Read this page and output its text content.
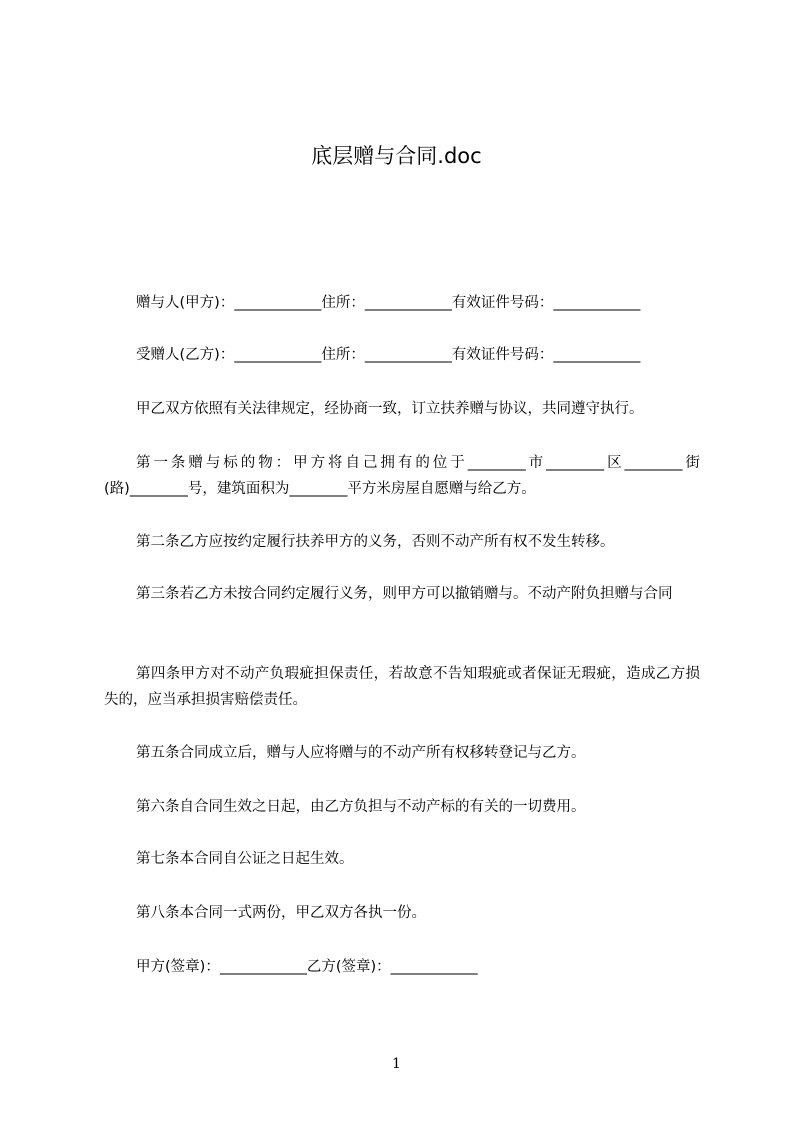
底层赠与合同.doc
赠与人(甲方)：____________住所：____________有效证件号码：____________
受赠人(乙方)：____________住所：____________有效证件号码：____________
甲乙双方依照有关法律规定，经协商一致，订立扶养赠与协议，共同遵守执行。
第一条赠与标的物：甲方将自己拥有的位于________市________区________街(路)________号，建筑面积为________平方米房屋自愿赠与给乙方。
第二条乙方应按约定履行扶养甲方的义务，否则不动产所有权不发生转移。
第三条若乙方未按合同约定履行义务，则甲方可以撤销赠与。不动产附负担赠与合同
第四条甲方对不动产负瑕疵担保责任，若故意不告知瑕疵或者保证无瑕疵，造成乙方损失的，应当承担损害赔偿责任。
第五条合同成立后，赠与人应将赠与的不动产所有权移转登记与乙方。
第六条自合同生效之日起，由乙方负担与不动产标的有关的一切费用。
第七条本合同自公证之日起生效。
第八条本合同一式两份，甲乙双方各执一份。
甲方(签章)：____________乙方(签章)：____________
1
